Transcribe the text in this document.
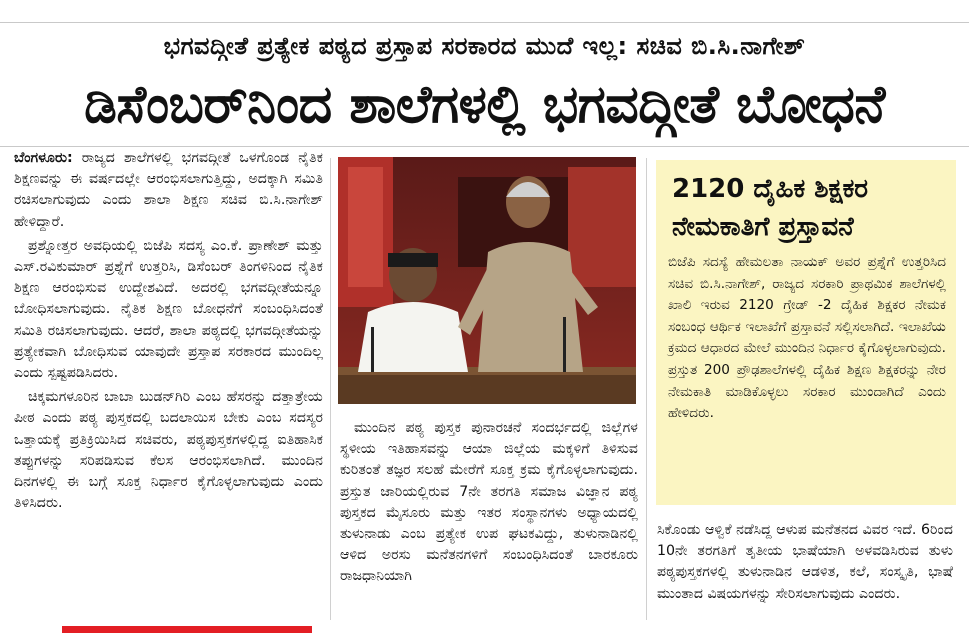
ಭಗವದ್ಗೀತೆ ಪ್ರತ್ಯೇಕ ಪಠ್ಯದ ಪ್ರಸ್ತಾಪ ಸರಕಾರದ ಮುದೆ ಇಲ್ಲ: ಸಚಿವ ಬಿ.ಸಿ.ನಾಗೇಶ್
ಡಿಸೆಂಬರ್‌ನಿಂದ ಶಾಲೆಗಳಲ್ಲಿ ಭಗವದ್ಗೀತೆ ಬೋಧನೆ

ಬೆಂಗಳೂರು: ರಾಜ್ಯದ ಶಾಲೆಗಳಲ್ಲಿ ಭಗವದ್ಗೀತೆ ಒಳಗೊಂಡ ನೈತಿಕ ಶಿಕ್ಷಣವನ್ನು ಈ ವರ್ಷದಲ್ಲೇ ಆರಂಭಿಸಲಾಗುತ್ತಿದ್ದು, ಅದಕ್ಕಾಗಿ ಸಮಿತಿ ರಚಿಸಲಾಗುವುದು ಎಂದು ಶಾಲಾ ಶಿಕ್ಷಣ ಸಚಿವ ಬಿ.ಸಿ.ನಾಗೇಶ್ ಹೇಳಿದ್ದಾರೆ.

ಪ್ರಶ್ನೋತ್ತರ ಅವಧಿಯಲ್ಲಿ ಬಿಜೆಪಿ ಸದಸ್ಯ ಎಂ.ಕೆ. ಪ್ರಾಣೇಶ್ ಮತ್ತು ಎಸ್.ರವಿಕುಮಾರ್ ಪ್ರಶ್ನೆಗೆ ಉತ್ತರಿಸಿ, ಡಿಸೆಂಬರ್ ತಿಂಗಳಿನಿಂದ ನೈತಿಕ ಶಿಕ್ಷಣ ಆರಂಭಿಸುವ ಉದ್ದೇಶವಿದೆ. ಅದರಲ್ಲಿ ಭಗವದ್ಗೀತೆಯನ್ನೂ ಬೋಧಿಸಲಾಗುವುದು. ನೈತಿಕ ಶಿಕ್ಷಣ ಬೋಧನೆಗೆ ಸಂಬಂಧಿಸಿದಂತೆ ಸಮಿತಿ ರಚಿಸಲಾಗುವುದು. ಆದರೆ, ಶಾಲಾ ಪಠ್ಯದಲ್ಲಿ ಭಗವದ್ಗೀತೆಯನ್ನು ಪ್ರತ್ಯೇಕವಾಗಿ ಬೋಧಿಸುವ ಯಾವುದೇ ಪ್ರಸ್ತಾಪ ಸರಕಾರದ ಮುಂದಿಲ್ಲ ಎಂದು ಸ್ಪಷ್ಟಪಡಿಸಿದರು.

ಚಿಕ್ಕಮಗಳೂರಿನ ಬಾಬಾ ಬುಡನ್‌ಗಿರಿ ಎಂಬ ಹೆಸರನ್ನು ದತ್ತಾತ್ರೇಯ ಪೀಠ ಎಂದು ಪಠ್ಯ ಪುಸ್ತಕದಲ್ಲಿ ಬದಲಾಯಿಸ ಬೇಕು ಎಂಬ ಸದಸ್ಯರ ಒತ್ತಾಯಕ್ಕೆ ಪ್ರತಿಕ್ರಿಯಿಸಿದ ಸಚಿವರು, ಪಠ್ಯಪುಸ್ತಕಗಳಲ್ಲಿದ್ದ ಐತಿಹಾಸಿಕ ತಪ್ಪುಗಳನ್ನು ಸರಿಪಡಿಸುವ ಕೆಲಸ ಆರಂಭಿಸಲಾಗಿದೆ. ಮುಂದಿನ ದಿನಗಳಲ್ಲಿ ಈ ಬಗ್ಗೆ ಸೂಕ್ತ ನಿರ್ಧಾರ ಕೈಗೊಳ್ಳಲಾಗುವುದು ಎಂದು ತಿಳಿಸಿದರು.

ಮುಂದಿನ ಪಠ್ಯ ಪುಸ್ತಕ ಪುನಾರಚನೆ ಸಂದರ್ಭದಲ್ಲಿ ಜಿಲ್ಲೆಗಳ ಸ್ಥಳೀಯ ಇತಿಹಾಸವನ್ನು ಆಯಾ ಜಿಲ್ಲೆಯ ಮಕ್ಕಳಿಗೆ ತಿಳಿಸುವ ಕುರಿತಂತೆ ತಜ್ಞರ ಸಲಹೆ ಮೇರೆಗೆ ಸೂಕ್ತ ಕ್ರಮ ಕೈಗೊಳ್ಳಲಾಗುವುದು. ಪ್ರಸ್ತುತ ಜಾರಿಯಲ್ಲಿರುವ 7ನೇ ತರಗತಿ ಸಮಾಜ ವಿಜ್ಞಾನ ಪಠ್ಯ ಪುಸ್ತಕದ ಮೈಸೂರು ಮತ್ತು ಇತರ ಸಂಸ್ಥಾನಗಳು ಅಧ್ಯಾಯದಲ್ಲಿ ತುಳುನಾಡು ಎಂಬ ಪ್ರತ್ಯೇಕ ಉಪ ಘಟಕವಿದ್ದು, ತುಳುನಾಡಿನಲ್ಲಿ ಆಳಿದ ಅರಸು ಮನೆತನಗಳಿಗೆ ಸಂಬಂಧಿಸಿದಂತೆ ಬಾರಕೂರು ರಾಜಧಾನಿಯಾಗಿ

2120 ದೈಹಿಕ ಶಿಕ್ಷಕರ
ನೇಮಕಾತಿಗೆ ಪ್ರಸ್ತಾವನೆ

ಬಿಜೆಪಿ ಸದಸ್ಯೆ ಹೇಮಲತಾ ನಾಯಕ್ ಅವರ ಪ್ರಶ್ನೆಗೆ ಉತ್ತರಿಸಿದ ಸಚಿವ ಬಿ.ಸಿ.ನಾಗೇಶ್, ರಾಜ್ಯದ ಸರಕಾರಿ ಪ್ರಾಥಮಿಕ ಶಾಲೆಗಳಲ್ಲಿ ಖಾಲಿ ಇರುವ 2120 ಗ್ರೇಡ್ -2 ದೈಹಿಕ ಶಿಕ್ಷಕರ ನೇಮಕ ಸಂಬಂಧ ಆರ್ಥಿಕ ಇಲಾಖೆಗೆ ಪ್ರಸ್ತಾವನೆ ಸಲ್ಲಿಸಲಾಗಿದೆ. ಇಲಾಖೆಯ ಕ್ರಮದ ಆಧಾರದ ಮೇಲೆ ಮುಂದಿನ ನಿರ್ಧಾರ ಕೈಗೊಳ್ಳಲಾಗುವುದು. ಪ್ರಸ್ತುತ 200 ಪ್ರೌಢಶಾಲೆಗಳಲ್ಲಿ ದೈಹಿಕ ಶಿಕ್ಷಣ ಶಿಕ್ಷಕರನ್ನು ನೇರ ನೇಮಕಾತಿ ಮಾಡಿಕೊಳ್ಳಲು ಸರಕಾರ ಮುಂದಾಗಿದೆ ಎಂದು ಹೇಳಿದರು.

ಸಿಕೊಂಡು ಆಳ್ವಿಕೆ ನಡೆಸಿದ್ದ ಆಳುಪ ಮನೆತನದ ವಿವರ ಇದೆ. 6ರಿಂದ 10ನೇ ತರಗತಿಗೆ ತೃತೀಯ ಭಾಷೆಯಾಗಿ ಅಳವಡಿಸಿರುವ ತುಳು ಪಠ್ಯಪುಸ್ತಕಗಳಲ್ಲಿ ತುಳುನಾಡಿನ ಆಡಳಿತ, ಕಲೆ, ಸಂಸ್ಕೃತಿ, ಭಾಷೆ ಮುಂತಾದ ವಿಷಯಗಳನ್ನು ಸೇರಿಸಲಾಗುವುದು ಎಂದರು.
